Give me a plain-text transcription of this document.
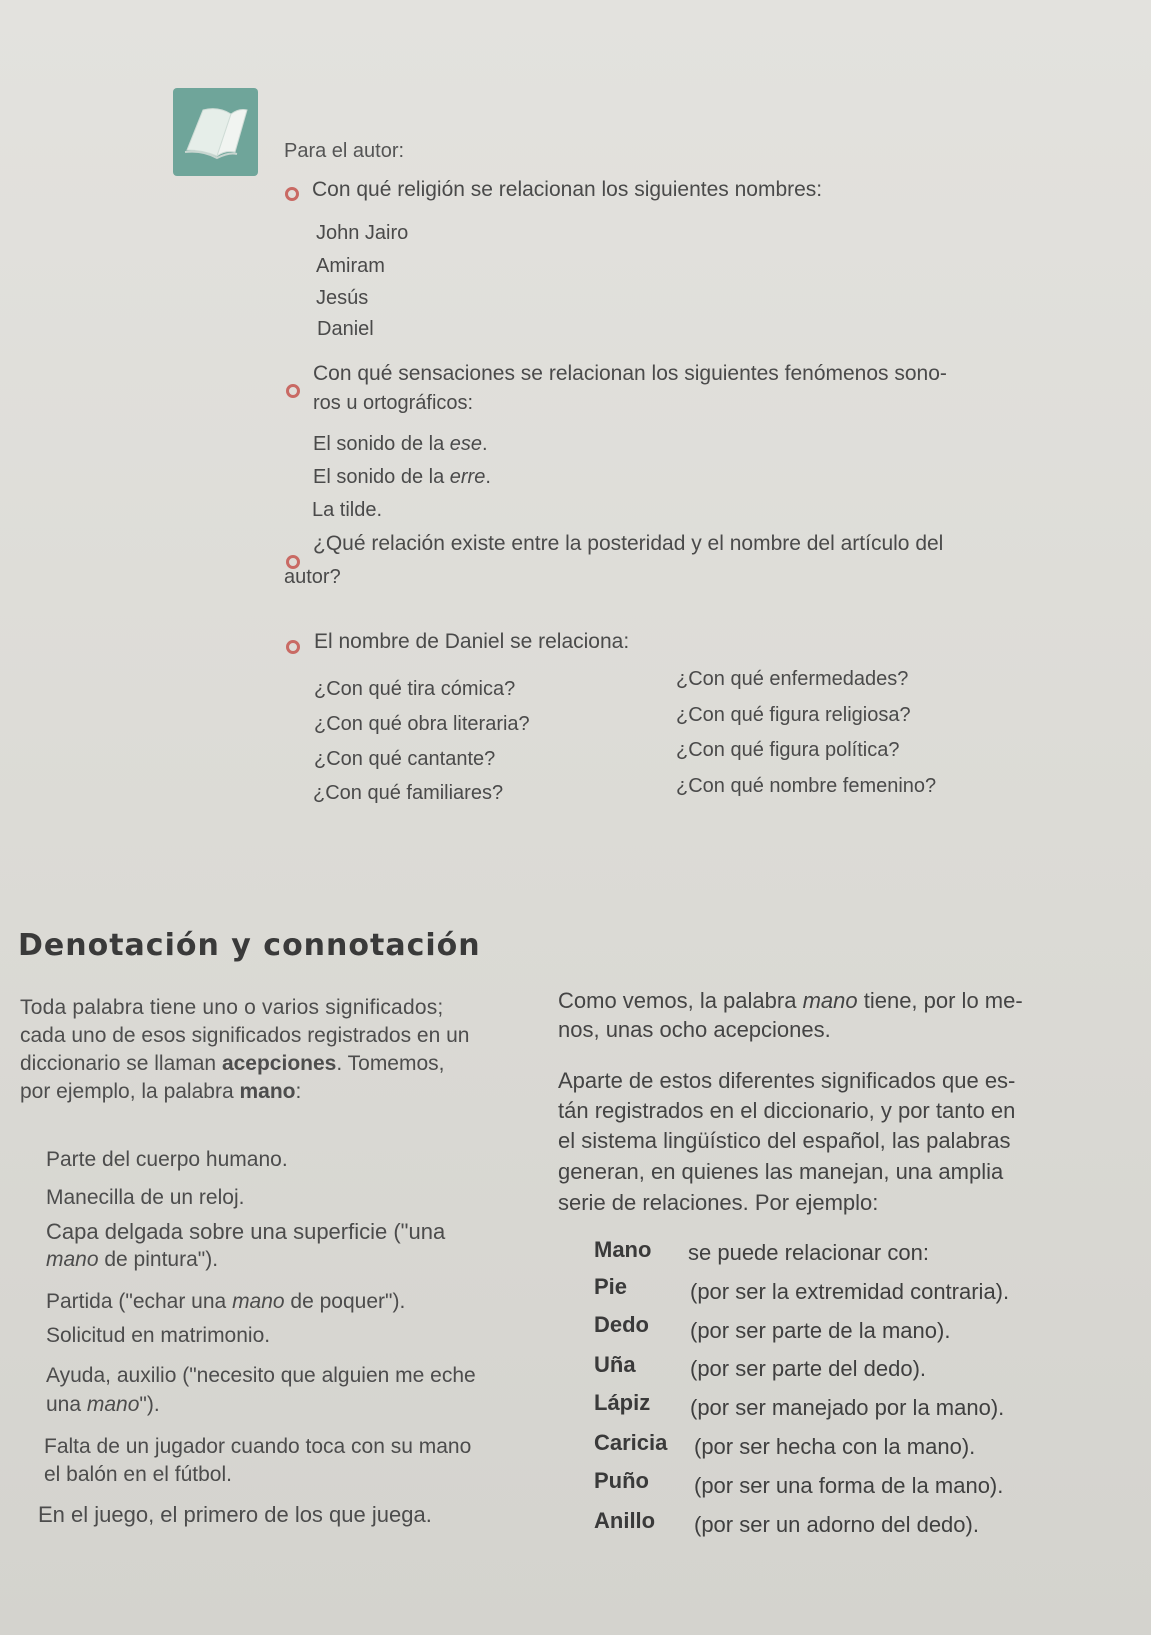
Para el autor:
Con qué religión se relacionan los siguientes nombres:
John Jairo
Amiram
Jesús
Daniel
Con qué sensaciones se relacionan los siguientes fenómenos sono-
ros u ortográficos:
El sonido de la ese.
El sonido de la erre.
La tilde.
¿Qué relación existe entre la posteridad y el nombre del artículo del
autor?
El nombre de Daniel se relaciona:
¿Con qué tira cómica?
¿Con qué obra literaria?
¿Con qué cantante?
¿Con qué familiares?
¿Con qué enfermedades?
¿Con qué figura religiosa?
¿Con qué figura política?
¿Con qué nombre femenino?
Denotación y connotación
Toda palabra tiene uno o varios significados;
cada uno de esos significados registrados en un
diccionario se llaman acepciones. Tomemos,
por ejemplo, la palabra mano:
Parte del cuerpo humano.
Manecilla de un reloj.
Capa delgada sobre una superficie ("una
mano de pintura").
Partida ("echar una mano de poquer").
Solicitud en matrimonio.
Ayuda, auxilio ("necesito que alguien me eche
una mano").
Falta de un jugador cuando toca con su mano
el balón en el fútbol.
En el juego, el primero de los que juega.
Como vemos, la palabra mano tiene, por lo me-
nos, unas ocho acepciones.
Aparte de estos diferentes significados que es-
tán registrados en el diccionario, y por tanto en
el sistema lingüístico del español, las palabras
generan, en quienes las manejan, una amplia
serie de relaciones. Por ejemplo:
Mano se puede relacionar con:
Pie	(por ser la extremidad contraria).
Dedo (por ser parte de la mano).
Uña (por ser parte del dedo).
Lápiz (por ser manejado por la mano).
Caricia (por ser hecha con la mano).
Puño (por ser una forma de la mano).
Anillo (por ser un adorno del dedo).
